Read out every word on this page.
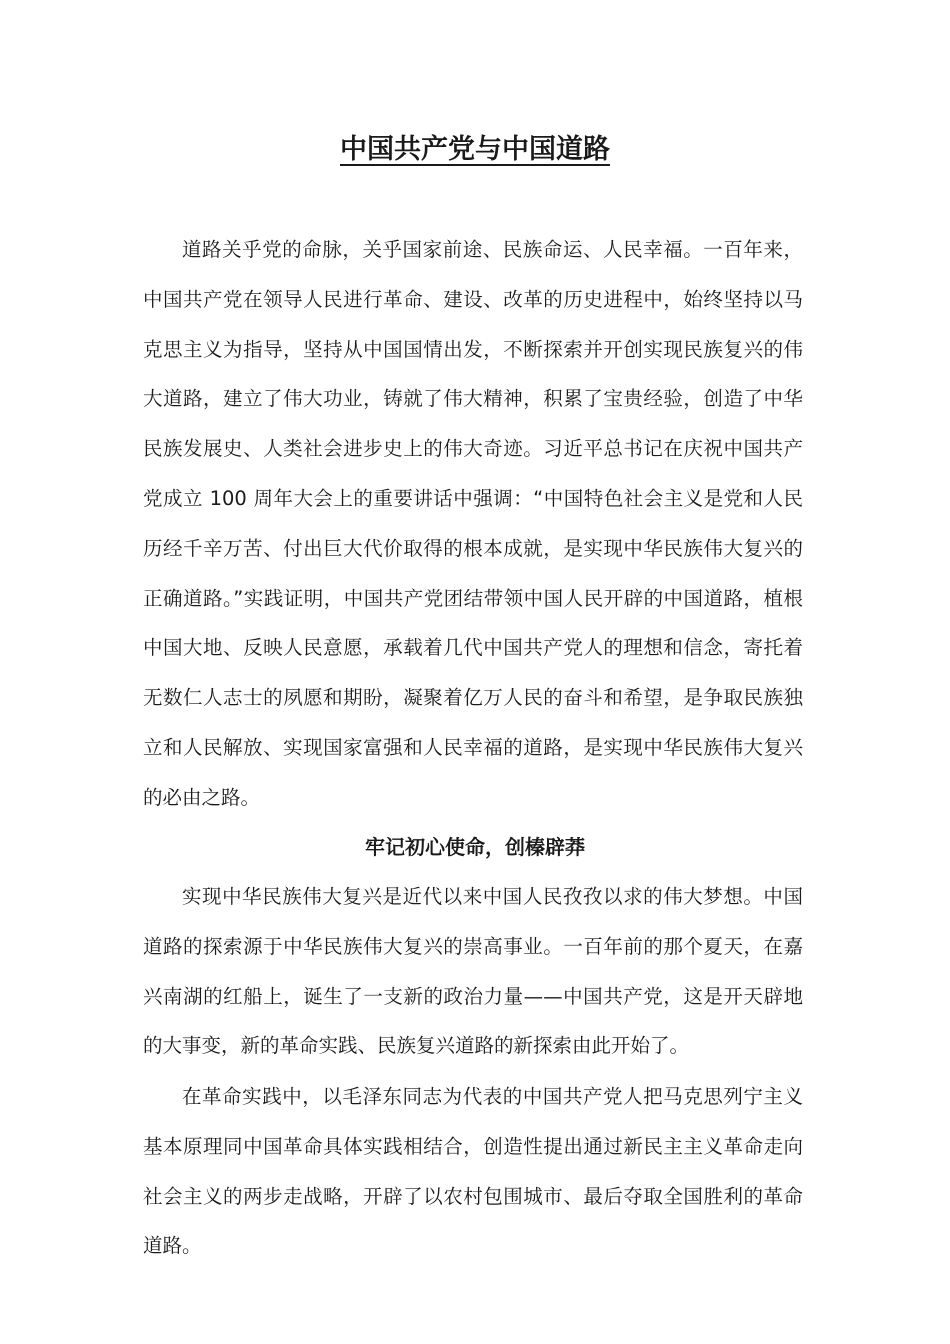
中国共产党与中国道路

道路关乎党的命脉，关乎国家前途、民族命运、人民幸福。一百年来，中国共产党在领导人民进行革命、建设、改革的历史进程中，始终坚持以马克思主义为指导，坚持从中国国情出发，不断探索并开创实现民族复兴的伟大道路，建立了伟大功业，铸就了伟大精神，积累了宝贵经验，创造了中华民族发展史、人类社会进步史上的伟大奇迹。习近平总书记在庆祝中国共产党成立 100 周年大会上的重要讲话中强调：“中国特色社会主义是党和人民历经千辛万苦、付出巨大代价取得的根本成就，是实现中华民族伟大复兴的正确道路。”实践证明，中国共产党团结带领中国人民开辟的中国道路，植根中国大地、反映人民意愿，承载着几代中国共产党人的理想和信念，寄托着无数仁人志士的夙愿和期盼，凝聚着亿万人民的奋斗和希望，是争取民族独立和人民解放、实现国家富强和人民幸福的道路，是实现中华民族伟大复兴的必由之路。

牢记初心使命，创榛辟莽

实现中华民族伟大复兴是近代以来中国人民孜孜以求的伟大梦想。中国道路的探索源于中华民族伟大复兴的崇高事业。一百年前的那个夏天，在嘉兴南湖的红船上，诞生了一支新的政治力量——中国共产党，这是开天辟地的大事变，新的革命实践、民族复兴道路的新探索由此开始了。

在革命实践中，以毛泽东同志为代表的中国共产党人把马克思列宁主义基本原理同中国革命具体实践相结合，创造性提出通过新民主主义革命走向社会主义的两步走战略，开辟了以农村包围城市、最后夺取全国胜利的革命道路。
